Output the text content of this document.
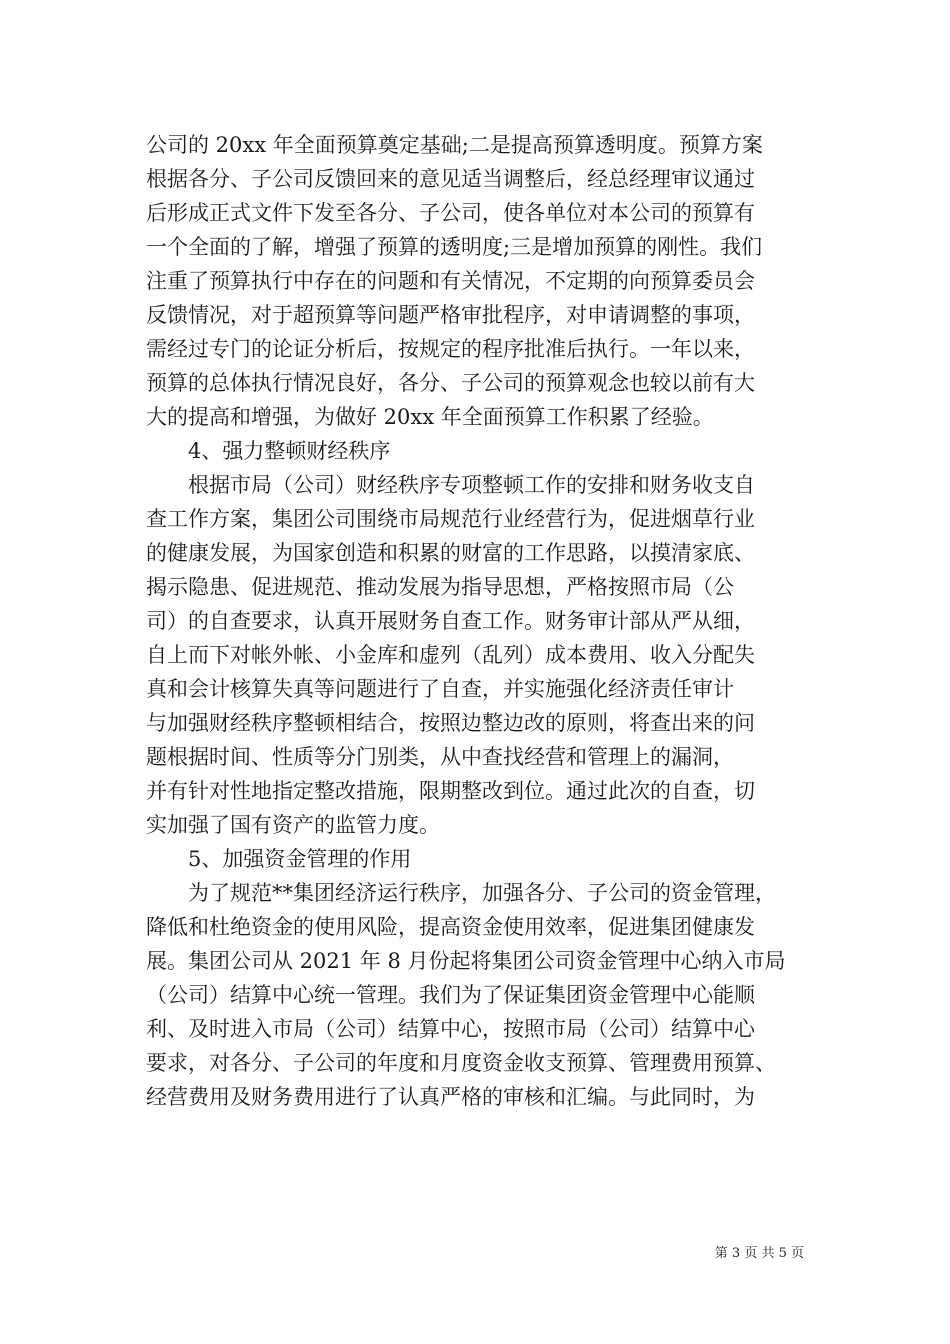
公司的 20xx 年全面预算奠定基础;二是提高预算透明度。预算方案
根据各分、子公司反馈回来的意见适当调整后，经总经理审议通过
后形成正式文件下发至各分、子公司，使各单位对本公司的预算有
一个全面的了解，增强了预算的透明度;三是增加预算的刚性。我们
注重了预算执行中存在的问题和有关情况，不定期的向预算委员会
反馈情况，对于超预算等问题严格审批程序，对申请调整的事项，
需经过专门的论证分析后，按规定的程序批准后执行。一年以来，
预算的总体执行情况良好，各分、子公司的预算观念也较以前有大
大的提高和增强，为做好 20xx 年全面预算工作积累了经验。
4、强力整顿财经秩序
根据市局（公司）财经秩序专项整顿工作的安排和财务收支自
查工作方案，集团公司围绕市局规范行业经营行为，促进烟草行业
的健康发展，为国家创造和积累的财富的工作思路，以摸清家底、
揭示隐患、促进规范、推动发展为指导思想，严格按照市局（公
司）的自查要求，认真开展财务自查工作。财务审计部从严从细，
自上而下对帐外帐、小金库和虚列（乱列）成本费用、收入分配失
真和会计核算失真等问题进行了自查，并实施强化经济责任审计
与加强财经秩序整顿相结合，按照边整边改的原则，将查出来的问
题根据时间、性质等分门别类，从中查找经营和管理上的漏洞，
并有针对性地指定整改措施，限期整改到位。通过此次的自查，切
实加强了国有资产的监管力度。
5、加强资金管理的作用
为了规范**集团经济运行秩序，加强各分、子公司的资金管理，
降低和杜绝资金的使用风险，提高资金使用效率，促进集团健康发
展。集团公司从 2021 年 8 月份起将集团公司资金管理中心纳入市局
（公司）结算中心统一管理。我们为了保证集团资金管理中心能顺
利、及时进入市局（公司）结算中心，按照市局（公司）结算中心
要求，对各分、子公司的年度和月度资金收支预算、管理费用预算、
经营费用及财务费用进行了认真严格的审核和汇编。与此同时，为
第 3 页 共 5 页
